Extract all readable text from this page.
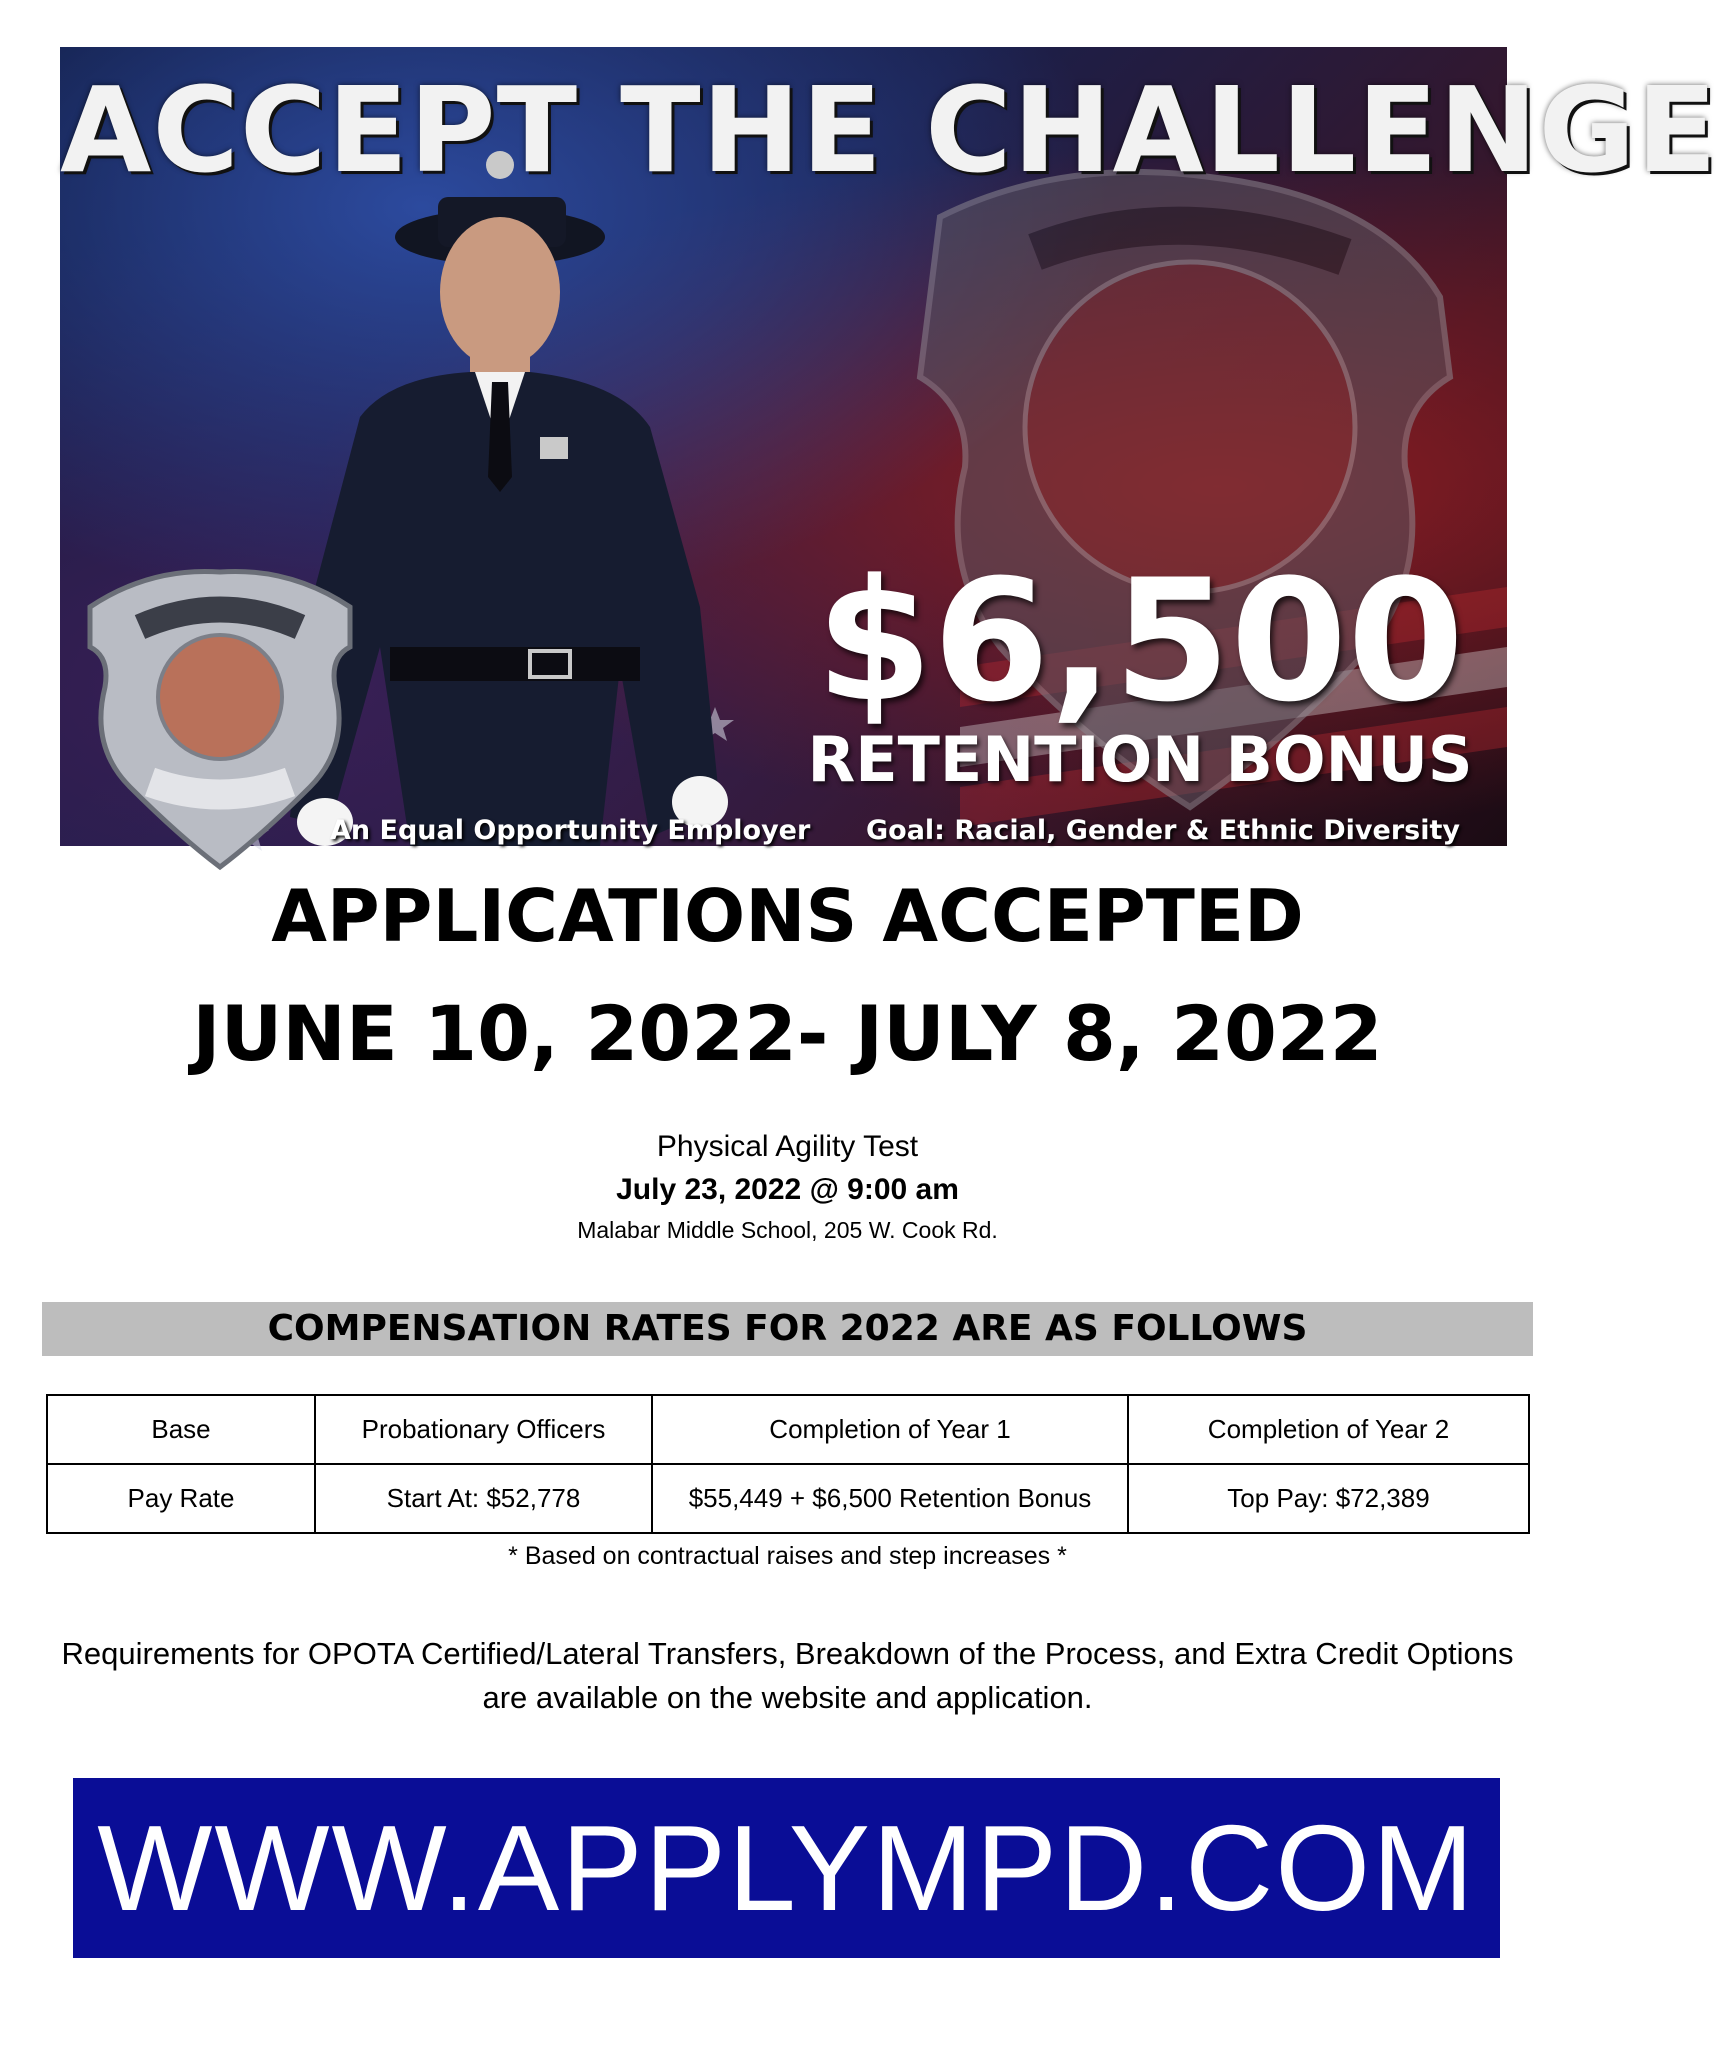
ACCEPT THE CHALLENGE
$6,500
RETENTION BONUS
An Equal Opportunity Employer Goal: Racial, Gender & Ethnic Diversity
APPLICATIONS ACCEPTED
JUNE 10, 2022- JULY 8, 2022
Physical Agility Test
July 23, 2022 @ 9:00 am
Malabar Middle School, 205 W. Cook Rd.
COMPENSATION RATES FOR 2022 ARE AS FOLLOWS
Base	Probationary Officers	Completion of Year 1	Completion of Year 2
Pay Rate	Start At: $52,778	$55,449 + $6,500 Retention Bonus	Top Pay: $72,389
* Based on contractual raises and step increases *
Requirements for OPOTA Certified/Lateral Transfers, Breakdown of the Process, and Extra Credit Options are available on the website and application.
WWW.APPLYMPD.COM
